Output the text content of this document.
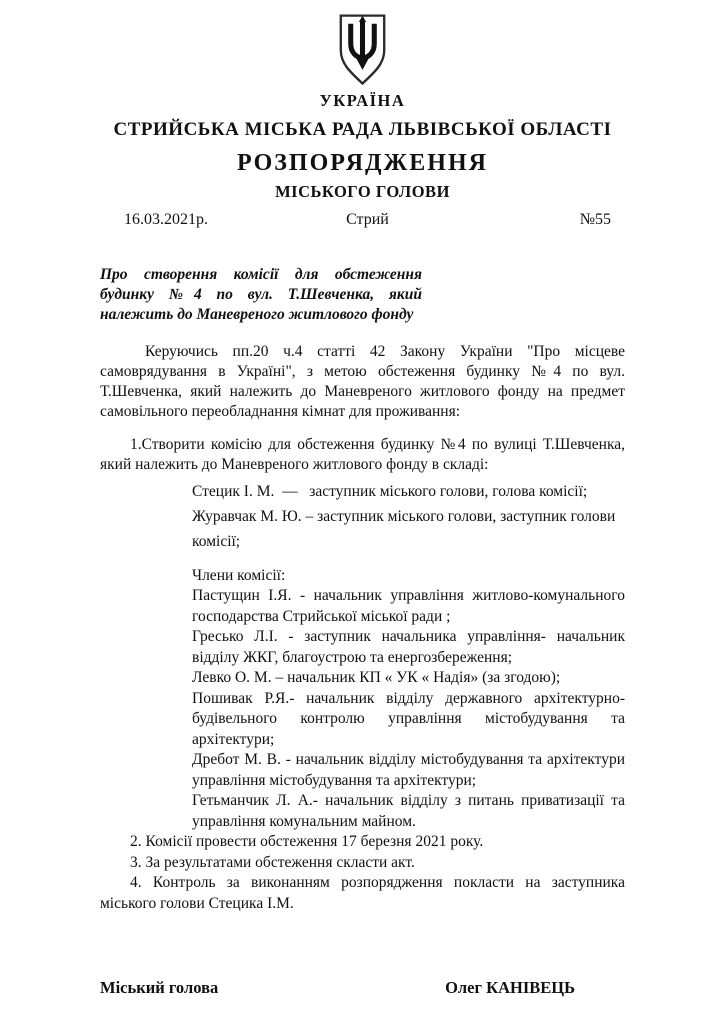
УКРАЇНА
СТРИЙСЬКА МІСЬКА РАДА ЛЬВІВСЬКОЇ ОБЛАСТІ
РОЗПОРЯДЖЕННЯ
МІСЬКОГО ГОЛОВИ
16.03.2021р.	Стрий	№55
Про створення комісії для обстеження будинку №4 по вул. Т.Шевченка, який належить до Маневреного житлового фонду

Керуючись пп.20 ч.4 статті 42 Закону України "Про місцеве самоврядування в Україні", з метою обстеження будинку №4 по вул. Т.Шевченка, який належить до Маневреного житлового фонду на предмет самовільного переобладнання кімнат для проживання:

1.Створити комісію для обстеження будинку №4 по вулиці Т.Шевченка, який належить до Маневреного житлового фонду в складі:

Стецик І. М.  —   заступник міського голови, голова комісії;

Журавчак М. Ю. – заступник міського голови, заступник голови комісії;

Члени комісії:

Пастущин І.Я. - начальник управління житлово-комунального господарства Стрийської міської ради ;

Гресько Л.І. - заступник начальника управління- начальник відділу ЖКГ, благоустрою та енергозбереження;

Левко О. М. – начальник КП « УК « Надія» (за згодою);

Пошивак Р.Я.- начальник відділу державного архітектурно-будівельного контролю управління містобудування та архітектури;

Дребот М. В. - начальник відділу містобудування та архітектури управління містобудування та архітектури;

Гетьманчик Л. А.- начальник відділу з питань приватизації та управління комунальним майном.

2. Комісії провести обстеження 17 березня 2021 року.

3. За результатами обстеження скласти акт.

4. Контроль за виконанням розпорядження покласти на заступника міського голови Стецика І.М.

Міський голова	Олег КАНІВЕЦЬ
